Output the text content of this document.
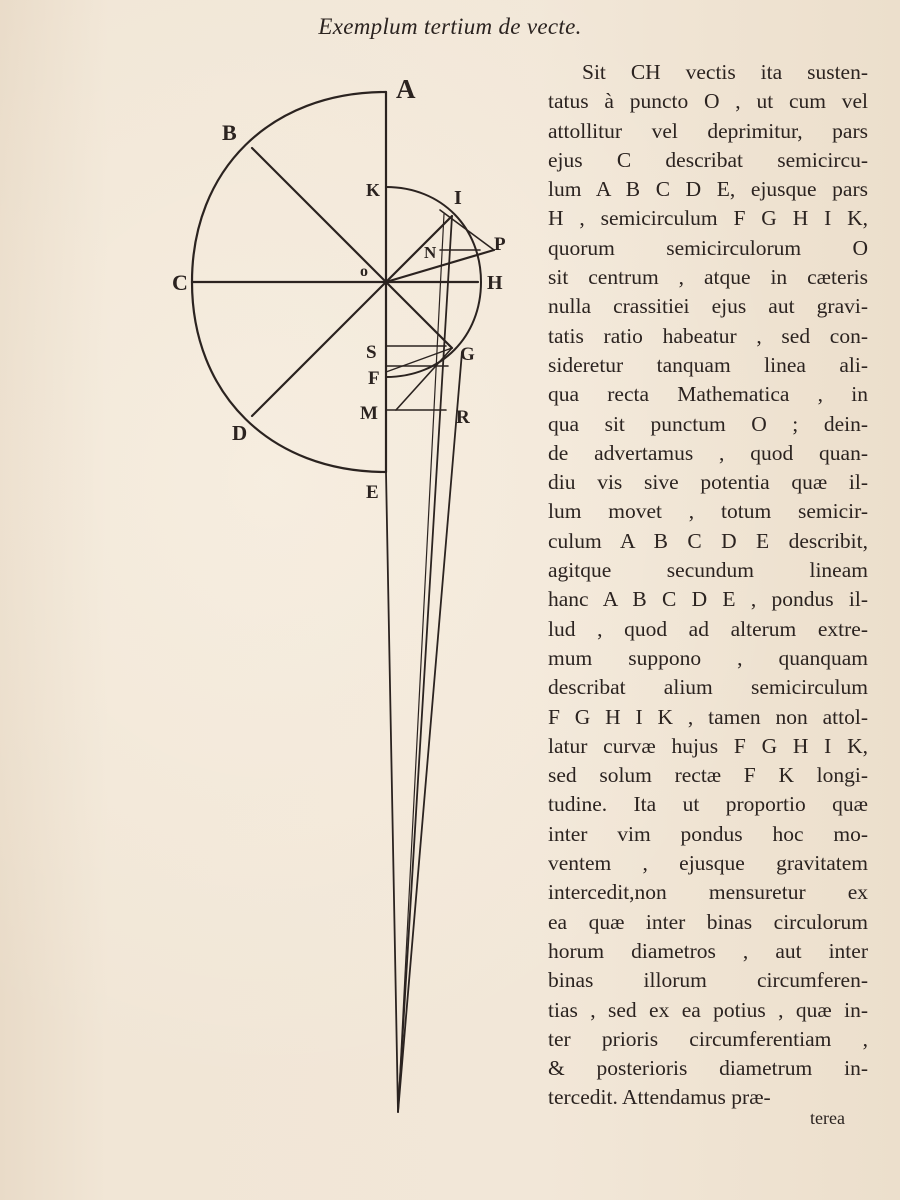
Exemplum tertium de vecte.
A
B
C
D
E
K
o
I
N	P
H
S
F
G
M	R
Sit CH vectis ita susten-
tatus à puncto O , ut cum vel
attollitur vel deprimitur, pars
ejus C describat semicircu-
lum A B C D E, ejusque pars
H , semicirculum F G H I K,
quorum semicirculorum O
sit centrum , atque in cæteris
nulla crassitiei ejus aut gravi-
tatis ratio habeatur , sed con-
sideretur tanquam linea ali-
qua recta Mathematica , in
qua sit punctum O ; dein-
de advertamus , quod quan-
diu vis sive potentia quæ il-
lum movet , totum semicir-
culum A B C D E describit,
agitque secundum lineam
hanc A B C D E , pondus il-
lud , quod ad alterum extre-
mum suppono , quanquam
describat alium semicirculum
F G H I K , tamen non attol-
latur curvæ hujus F G H I K,
sed solum rectæ F K longi-
tudine. Ita ut proportio quæ
inter vim pondus hoc mo-
ventem , ejusque gravitatem
intercedit,non mensuretur ex
ea quæ inter binas circulorum
horum diametros , aut inter
binas illorum circumferen-
tias , sed ex ea potius , quæ in-
ter prioris circumferentiam ,
& posterioris diametrum in-
tercedit. Attendamus præ-
terea
